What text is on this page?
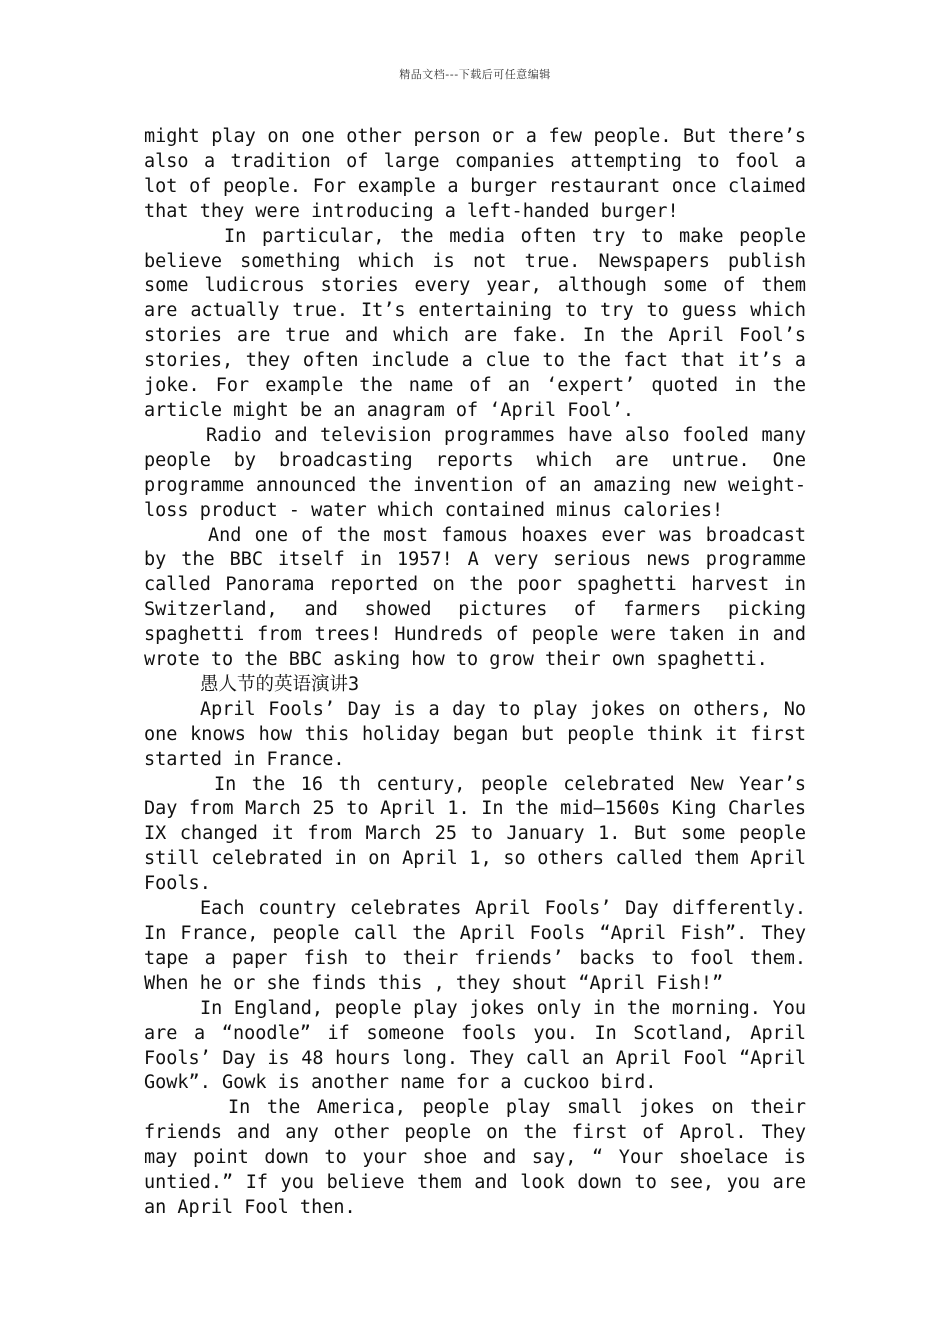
精品文档---下载后可任意编辑

might play on one other person or a few people. But there’s also a tradition of large companies attempting to fool a lot of people. For example a burger restaurant once claimed that they were introducing a left-handed burger!

In particular, the media often try to make people believe something which is not true. Newspapers publish some ludicrous stories every year, although some of them are actually true. It’s entertaining to try to guess which stories are true and which are fake. In the April Fool’s stories, they often include a clue to the fact that it’s a joke. For example the name of an ‘expert’ quoted in the article might be an anagram of ‘April Fool’.

Radio and television programmes have also fooled many people by broadcasting reports which are untrue. One programme announced the invention of an amazing new weight-loss product - water which contained minus calories!

And one of the most famous hoaxes ever was broadcast by the BBC itself in 1957! A very serious news programme called Panorama reported on the poor spaghetti harvest in Switzerland, and showed pictures of farmers picking spaghetti from trees! Hundreds of people were taken in and wrote to the BBC asking how to grow their own spaghetti.

愚人节的英语演讲3

April Fools’ Day is a day to play jokes on others, No one knows how this holiday began but people think it first started in France.

In the 16 th century, people celebrated New Year’s Day from March 25 to April 1. In the mid—1560s King Charles IX changed it from March 25 to January 1. But some people still celebrated in on April 1, so others called them April Fools.

Each country celebrates April Fools’ Day differently. In France, people call the April Fools “April Fish”. They tape a paper fish to their friends’ backs to fool them. When he or she finds this , they shout “April Fish!”

In England, people play jokes only in the morning. You are a “noodle” if someone fools you. In Scotland, April Fools’ Day is 48 hours long. They call an April Fool “April Gowk”. Gowk is another name for a cuckoo bird.

In the America, people play small jokes on their friends and any other people on the first of Aprol. They may point down to your shoe and say, “ Your shoelace is untied.” If you believe them and look down to see, you are an April Fool then.
